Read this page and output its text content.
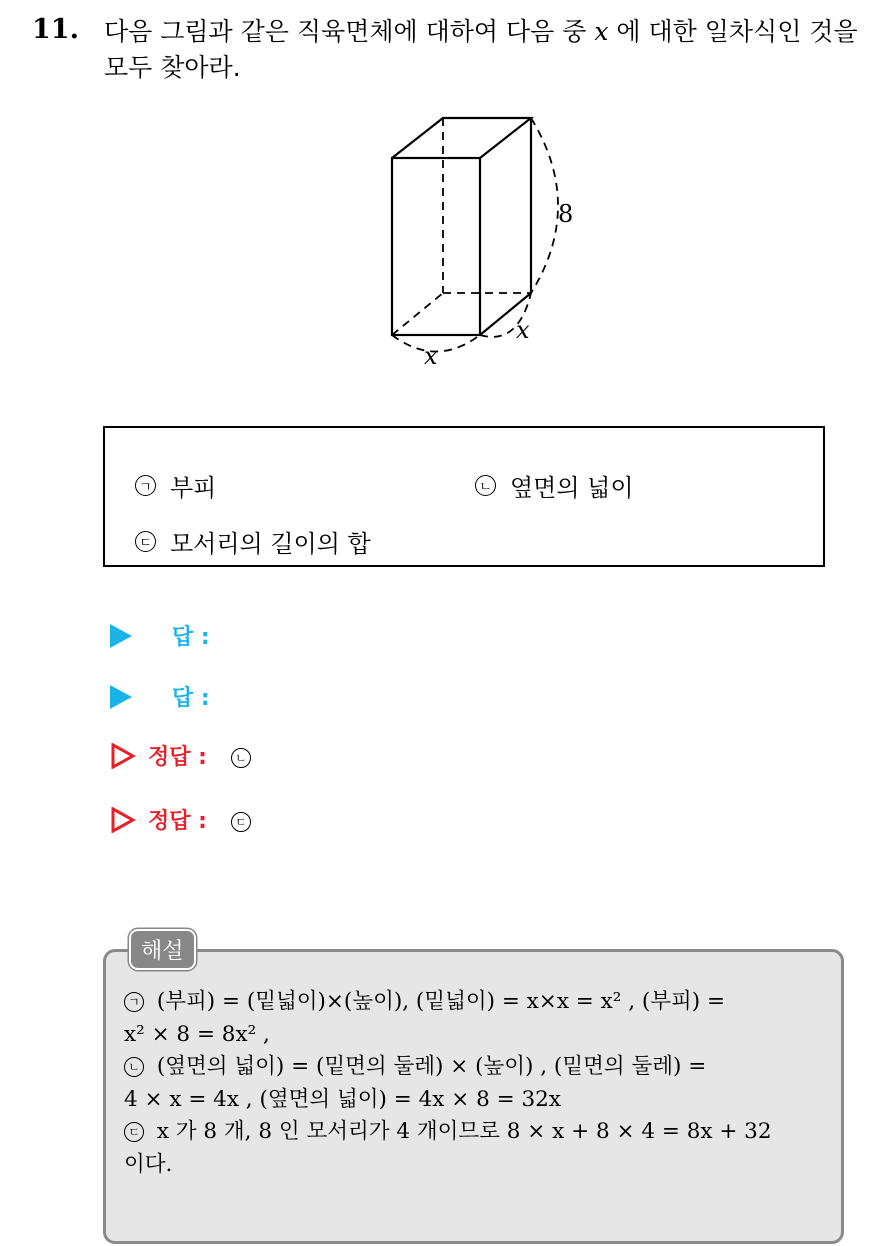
11. 다음 그림과 같은 직육면체에 대하여 다음 중 x 에 대한 일차식인 것을
모두 찾아라.
8
x
x
ㄱ 부피	ㄴ 옆면의 넓이
ㄷ 모서리의 길이의 합
답 :
답 :
정답 :	ㄴ
정답 :	ㄷ
ㄱ (부피) = (밑넓이)×(높이), (밑넓이) = x×x = x² , (부피) =
x² × 8 = 8x² ,
ㄴ (옆면의 넓이) = (밑면의 둘레) × (높이) , (밑면의 둘레) =
4 × x = 4x , (옆면의 넓이) = 4x × 8 = 32x
ㄷ x 가 8 개, 8 인 모서리가 4 개이므로 8 × x + 8 × 4 = 8x + 32
이다.
해설
